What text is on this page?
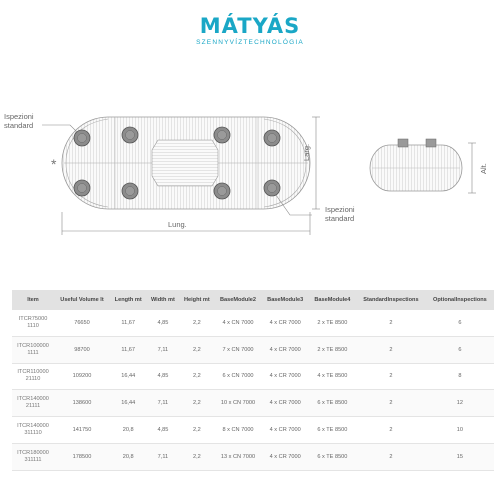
MÁTYÁS
SZENNYVÍZTECHNOLÓGIA
Ispezioni
standard
*
Ispezioni
standard
Lung.
Larg.
Alt.
Item	Useful Volume lt	Length mt	Width mt	Height mt	BaseModule2	BaseModule3	BaseModule4	StandardInspections	OptionalInspections

ITCR75000
1110	76650	11,67	4,85	2,2	4 x CN 7000	4 x CR 7000	2 x TE 8500	2	6

ITCR100000
1111	98700	11,67	7,11	2,2	7 x CN 7000	4 x CR 7000	2 x TE 8500	2	6

ITCR110000
21110	109200	16,44	4,85	2,2	6 x CN 7000	4 x CR 7000	4 x TE 8500	2	8

ITCR140000
21111	138600	16,44	7,11	2,2	10 x CN 7000	4 x CR 7000	6 x TE 8500	2	12

ITCR140000
311110	141750	20,8	4,85	2,2	8 x CN 7000	4 x CR 7000	6 x TE 8500	2	10

ITCR180000
311111	178500	20,8	7,11	2,2	13 x CN 7000	4 x CR 7000	6 x TE 8500	2	15
